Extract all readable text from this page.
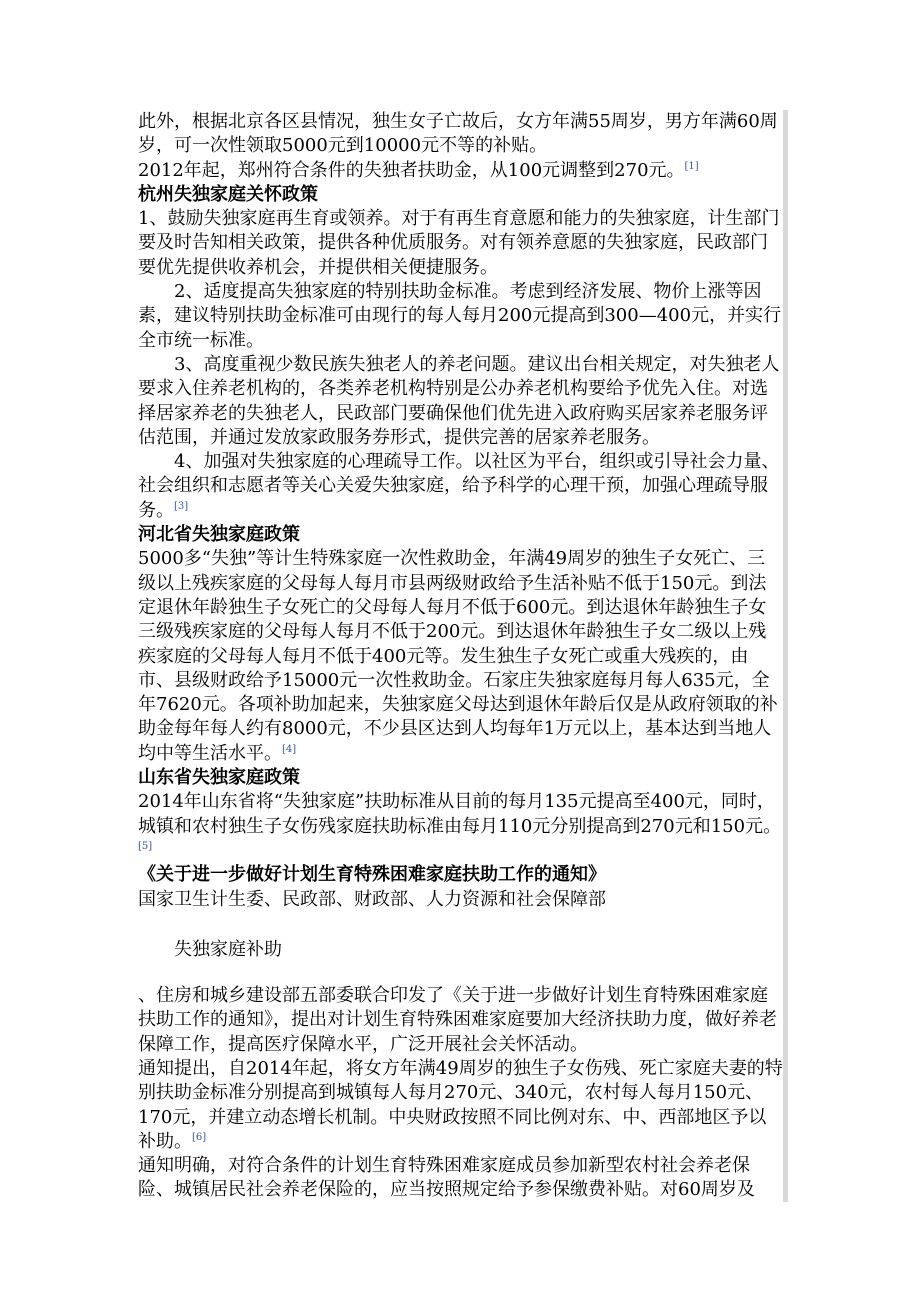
此外，根据北京各区县情况，独生女子亡故后，女方年满55周岁，男方年满60周岁，可一次性领取5000元到10000元不等的补贴。

2012年起，郑州符合条件的失独者扶助金，从100元调整到270元。[1]

杭州失独家庭关怀政策

1、鼓励失独家庭再生育或领养。对于有再生育意愿和能力的失独家庭，计生部门要及时告知相关政策，提供各种优质服务。对有领养意愿的失独家庭，民政部门要优先提供收养机会，并提供相关便捷服务。

2、适度提高失独家庭的特别扶助金标准。考虑到经济发展、物价上涨等因素，建议特别扶助金标准可由现行的每人每月200元提高到300—400元，并实行全市统一标准。

3、高度重视少数民族失独老人的养老问题。建议出台相关规定，对失独老人要求入住养老机构的，各类养老机构特别是公办养老机构要给予优先入住。对选择居家养老的失独老人，民政部门要确保他们优先进入政府购买居家养老服务评估范围，并通过发放家政服务券形式，提供完善的居家养老服务。

4、加强对失独家庭的心理疏导工作。以社区为平台，组织或引导社会力量、社会组织和志愿者等关心关爱失独家庭，给予科学的心理干预，加强心理疏导服务。[3]

河北省失独家庭政策

5000多“失独”等计生特殊家庭一次性救助金，年满49周岁的独生子女死亡、三级以上残疾家庭的父母每人每月市县两级财政给予生活补贴不低于150元。到法定退休年龄独生子女死亡的父母每人每月不低于600元。到达退休年龄独生子女三级残疾家庭的父母每人每月不低于200元。到达退休年龄独生子女二级以上残疾家庭的父母每人每月不低于400元等。发生独生子女死亡或重大残疾的，由市、县级财政给予15000元一次性救助金。石家庄失独家庭每月每人635元，全年7620元。各项补助加起来，失独家庭父母达到退休年龄后仅是从政府领取的补助金每年每人约有8000元，不少县区达到人均每年1万元以上，基本达到当地人均中等生活水平。[4]

山东省失独家庭政策

2014年山东省将“失独家庭”扶助标准从目前的每月135元提高至400元，同时，城镇和农村独生子女伤残家庭扶助标准由每月110元分别提高到270元和150元。[5]

《关于进一步做好计划生育特殊困难家庭扶助工作的通知》

国家卫生计生委、民政部、财政部、人力资源和社会保障部

失独家庭补助

、住房和城乡建设部五部委联合印发了《关于进一步做好计划生育特殊困难家庭扶助工作的通知》，提出对计划生育特殊困难家庭要加大经济扶助力度，做好养老保障工作，提高医疗保障水平，广泛开展社会关怀活动。

通知提出，自2014年起，将女方年满49周岁的独生子女伤残、死亡家庭夫妻的特别扶助金标准分别提高到城镇每人每月270元、340元，农村每人每月150元、170元，并建立动态增长机制。中央财政按照不同比例对东、中、西部地区予以补助。[6]

通知明确，对符合条件的计划生育特殊困难家庭成员参加新型农村社会养老保险、城镇居民社会养老保险的，应当按照规定给予参保缴费补贴。对60周岁及
